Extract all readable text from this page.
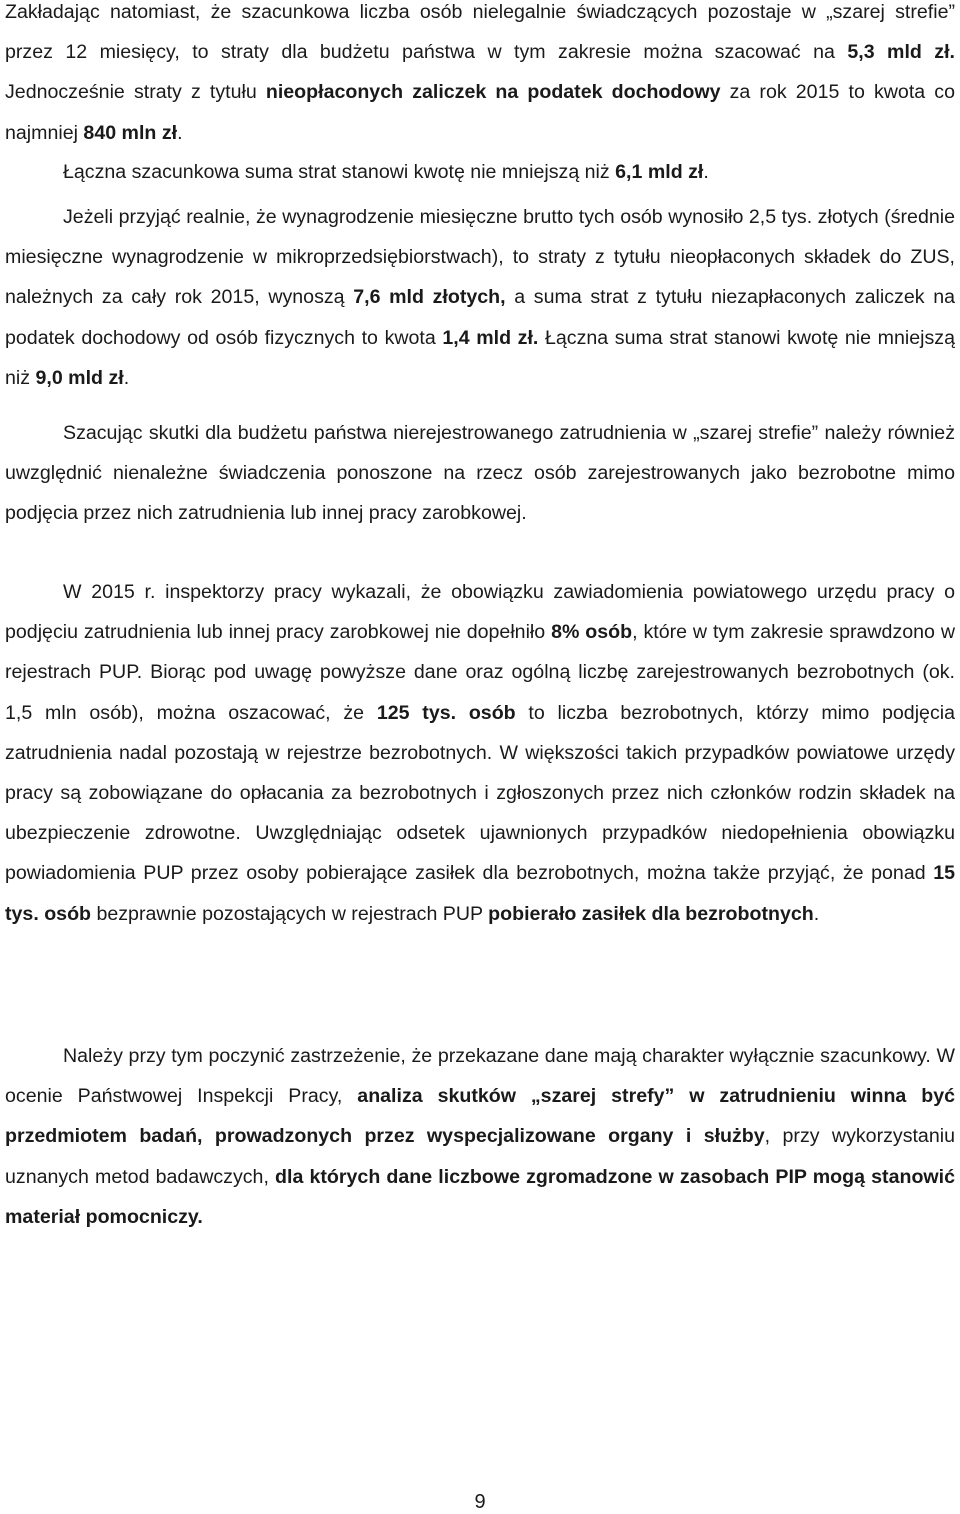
Zakładając natomiast, że szacunkowa liczba osób nielegalnie świadczących pozostaje w „szarej strefie” przez 12 miesięcy, to straty dla budżetu państwa w tym zakresie można szacować na 5,3 mld zł. Jednocześnie straty z tytułu nieopłaconych zaliczek na podatek dochodowy za rok 2015 to kwota co najmniej 840 mln zł.

Łączna szacunkowa suma strat stanowi kwotę nie mniejszą niż 6,1 mld zł.

Jeżeli przyjąć realnie, że wynagrodzenie miesięczne brutto tych osób wynosiło 2,5 tys. złotych (średnie miesięczne wynagrodzenie w mikroprzedsiębiorstwach), to straty z tytułu nieopłaconych składek do ZUS, należnych za cały rok 2015, wynoszą 7,6 mld złotych, a suma strat z tytułu niezapłaconych zaliczek na podatek dochodowy od osób fizycznych to kwota 1,4 mld zł. Łączna suma strat stanowi kwotę nie mniejszą niż 9,0 mld zł.

Szacując skutki dla budżetu państwa nierejestrowanego zatrudnienia w „szarej strefie” należy również uwzględnić nienależne świadczenia ponoszone na rzecz osób zarejestrowanych jako bezrobotne mimo podjęcia przez nich zatrudnienia lub innej pracy zarobkowej.

W 2015 r. inspektorzy pracy wykazali, że obowiązku zawiadomienia powiatowego urzędu pracy o podjęciu zatrudnienia lub innej pracy zarobkowej nie dopełniło 8% osób, które w tym zakresie sprawdzono w rejestrach PUP. Biorąc pod uwagę powyższe dane oraz ogólną liczbę zarejestrowanych bezrobotnych (ok. 1,5 mln osób), można oszacować, że 125 tys. osób to liczba bezrobotnych, którzy mimo podjęcia zatrudnienia nadal pozostają w rejestrze bezrobotnych. W większości takich przypadków powiatowe urzędy pracy są zobowiązane do opłacania za bezrobotnych i zgłoszonych przez nich członków rodzin składek na ubezpieczenie zdrowotne. Uwzględniając odsetek ujawnionych przypadków niedopełnienia obowiązku powiadomienia PUP przez osoby pobierające zasiłek dla bezrobotnych, można także przyjąć, że ponad 15 tys. osób bezprawnie pozostających w rejestrach PUP pobierało zasiłek dla bezrobotnych.

Należy przy tym poczynić zastrzeżenie, że przekazane dane mają charakter wyłącznie szacunkowy. W ocenie Państwowej Inspekcji Pracy, analiza skutków „szarej strefy” w zatrudnieniu winna być przedmiotem badań, prowadzonych przez wyspecjalizowane organy i służby, przy wykorzystaniu uznanych metod badawczych, dla których dane liczbowe zgromadzone w zasobach PIP mogą stanowić materiał pomocniczy.

9
